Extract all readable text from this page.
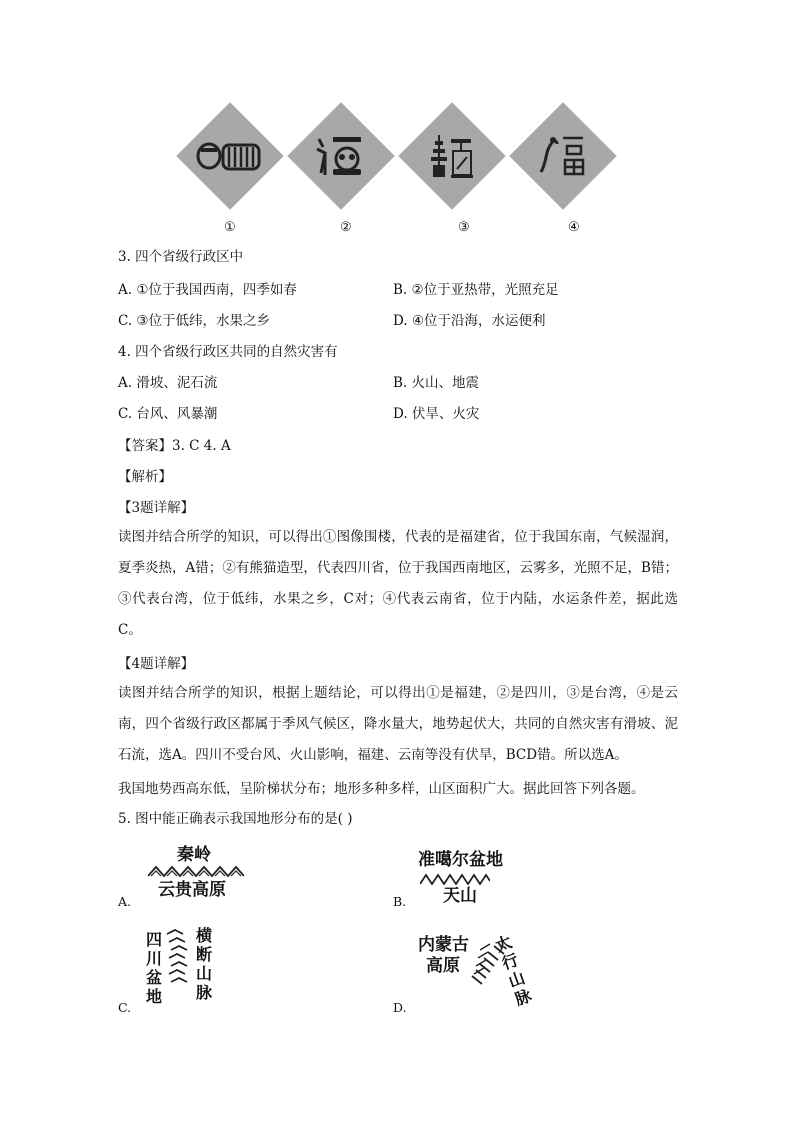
①	②	③	④
3. 四个省级行政区中
A. ①位于我国西南，四季如春	B. ②位于亚热带，光照充足
C. ③位于低纬，水果之乡	D. ④位于沿海，水运便利
4. 四个省级行政区共同的自然灾害有
A. 滑坡、泥石流	B. 火山、地震
C. 台风、风暴潮	D. 伏旱、火灾
【答案】3. C 4. A
【解析】
【3题详解】
读图并结合所学的知识，可以得出①图像围楼，代表的是福建省，位于我国东南，气候湿润，夏季炎热，A错；②有熊猫造型，代表四川省，位于我国西南地区，云雾多，光照不足，B错；③代表台湾，位于低纬，水果之乡，C对；④代表云南省，位于内陆，水运条件差，据此选C。
【4题详解】
读图并结合所学的知识，根据上题结论，可以得出①是福建，②是四川，③是台湾，④是云南，四个省级行政区都属于季风气候区，降水量大，地势起伏大，共同的自然灾害有滑坡、泥石流，选A。四川不受台风、火山影响，福建、云南等没有伏旱，BCD错。所以选A。
我国地势西高东低，呈阶梯状分布；地形多种多样，山区面积广大。据此回答下列各题。
5. 图中能正确表示我国地形分布的是( )
秦岭
云贵高原
A.
准噶尔盆地
天山
B.
四川盆地
横断山脉
C.
内蒙古
高原
太行山脉
D.
